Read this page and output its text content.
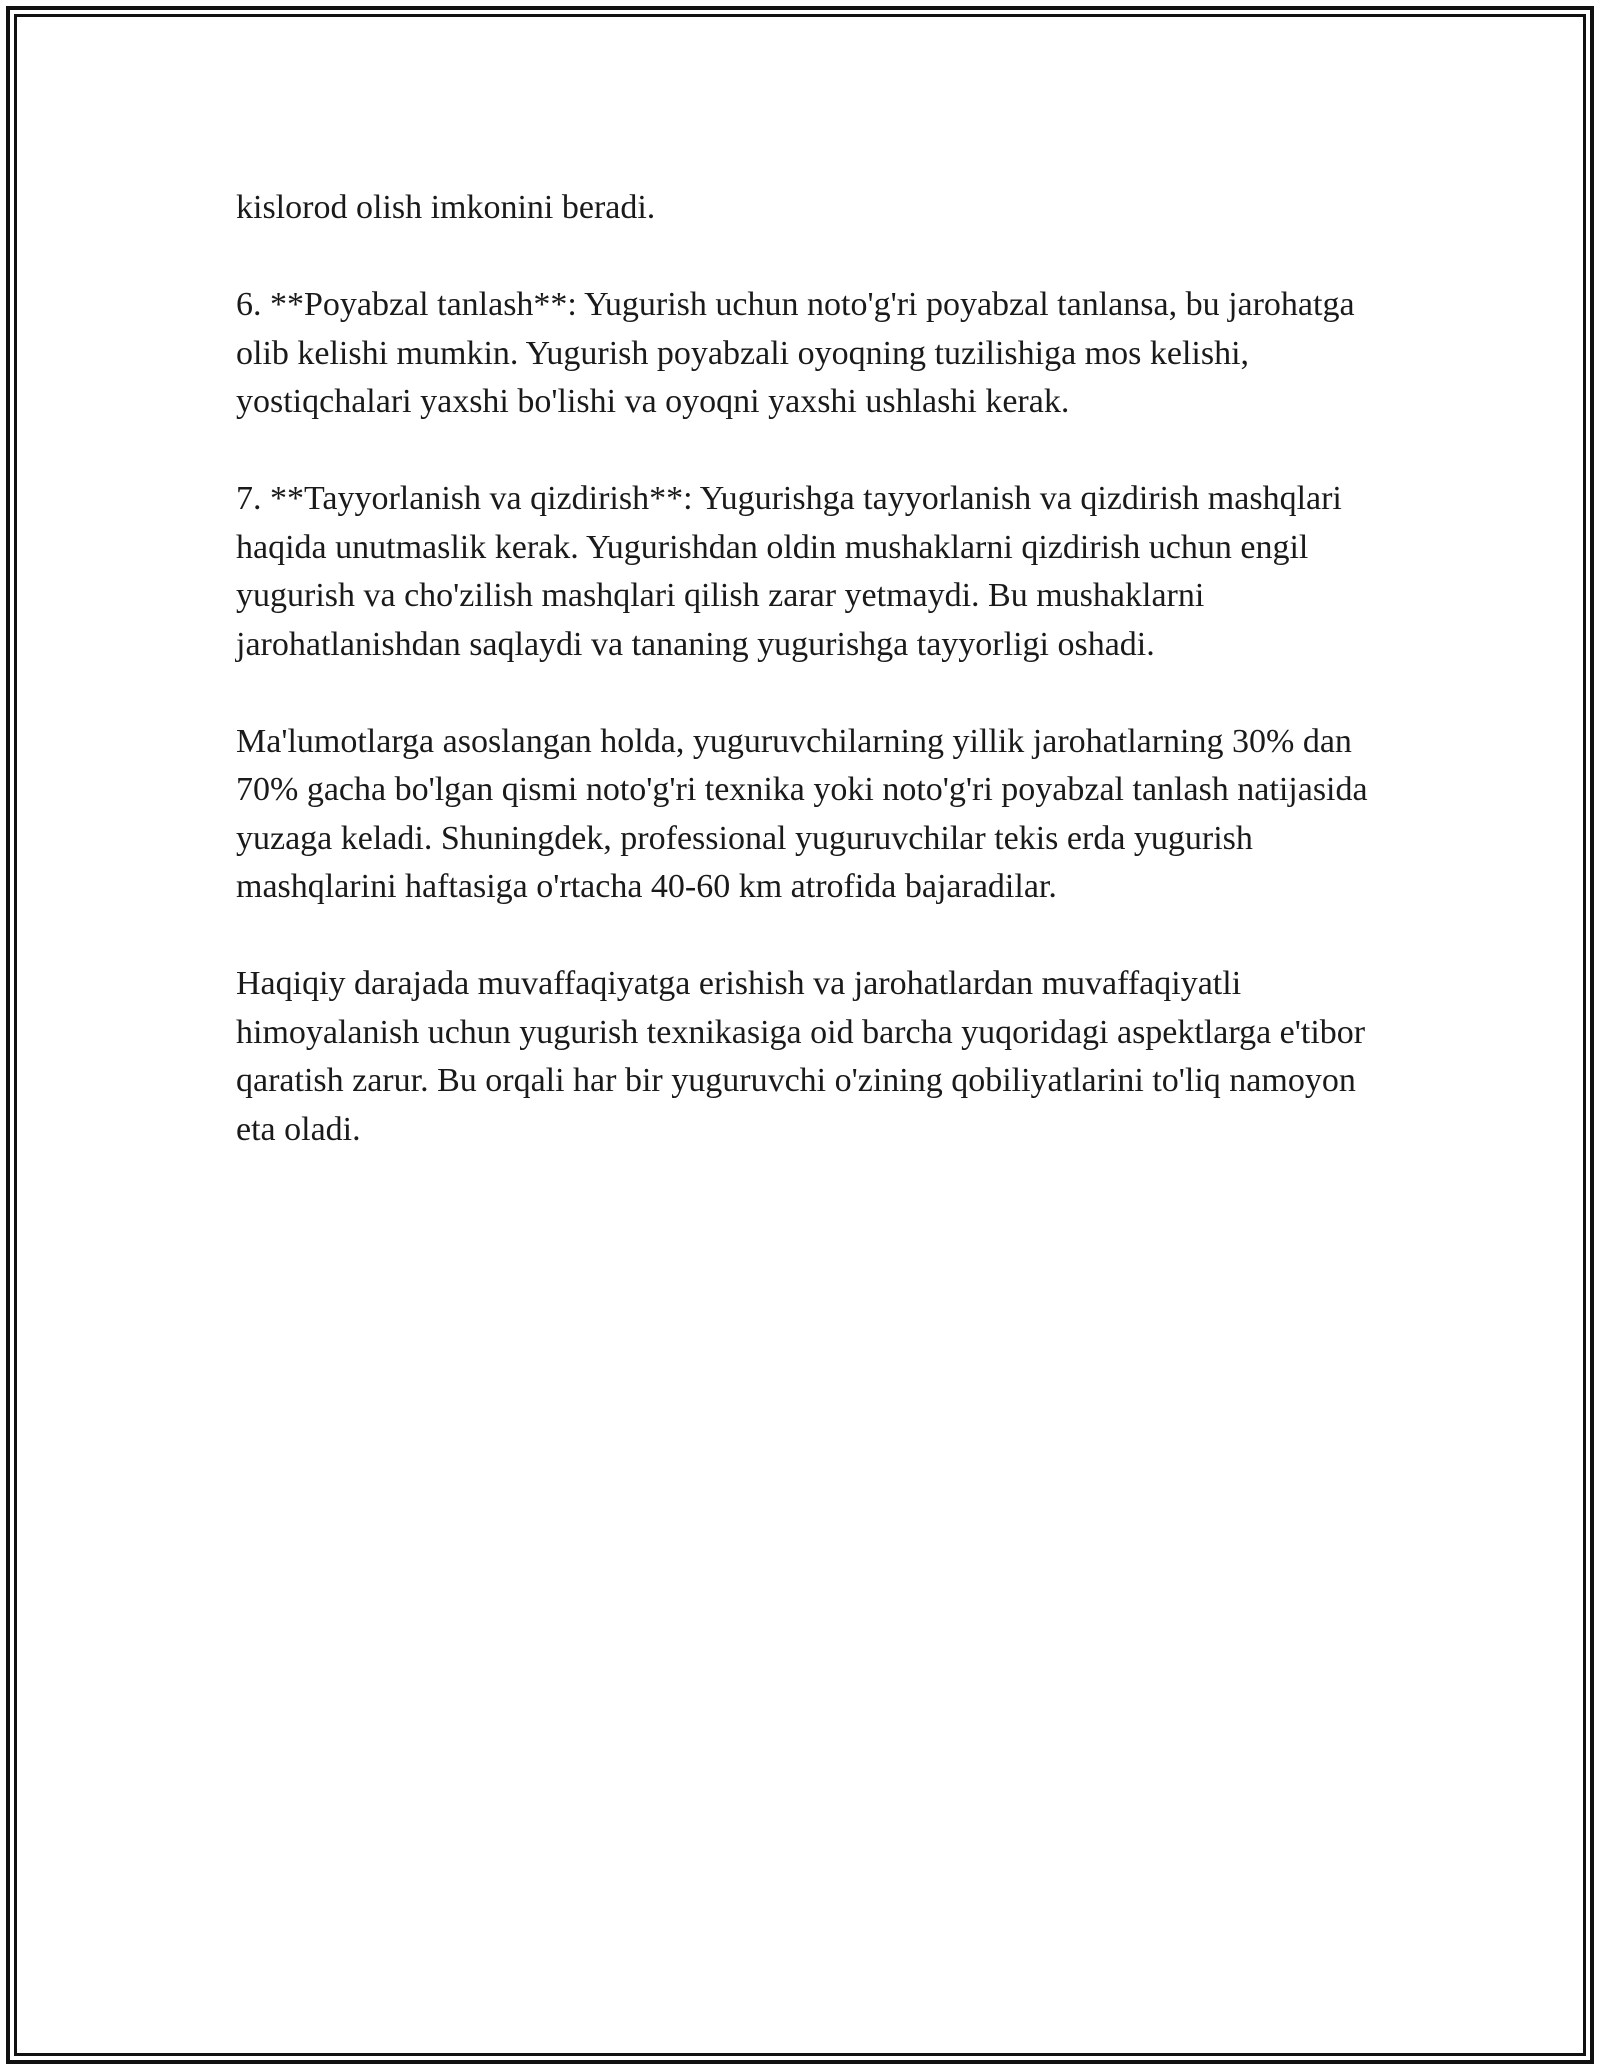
kislorod olish imkonini beradi.

6. **Poyabzal tanlash**: Yugurish uchun noto'g'ri poyabzal tanlansa, bu jarohatga olib kelishi mumkin. Yugurish poyabzali oyoqning tuzilishiga mos kelishi, yostiqchalari yaxshi bo'lishi va oyoqni yaxshi ushlashi kerak.

7. **Tayyorlanish va qizdirish**: Yugurishga tayyorlanish va qizdirish mashqlari haqida unutmaslik kerak. Yugurishdan oldin mushaklarni qizdirish uchun engil yugurish va cho'zilish mashqlari qilish zarar yetmaydi. Bu mushaklarni jarohatlanishdan saqlaydi va tananing yugurishga tayyorligi oshadi.

Ma'lumotlarga asoslangan holda, yuguruvchilarning yillik jarohatlarning 30% dan 70% gacha bo'lgan qismi noto'g'ri texnika yoki noto'g'ri poyabzal tanlash natijasida yuzaga keladi. Shuningdek, professional yuguruvchilar tekis erda yugurish mashqlarini haftasiga o'rtacha 40-60 km atrofida bajaradilar.

Haqiqiy darajada muvaffaqiyatga erishish va jarohatlardan muvaffaqiyatli himoyalanish uchun yugurish texnikasiga oid barcha yuqoridagi aspektlarga e'tibor qaratish zarur. Bu orqali har bir yuguruvchi o'zining qobiliyatlarini to'liq namoyon eta oladi.
